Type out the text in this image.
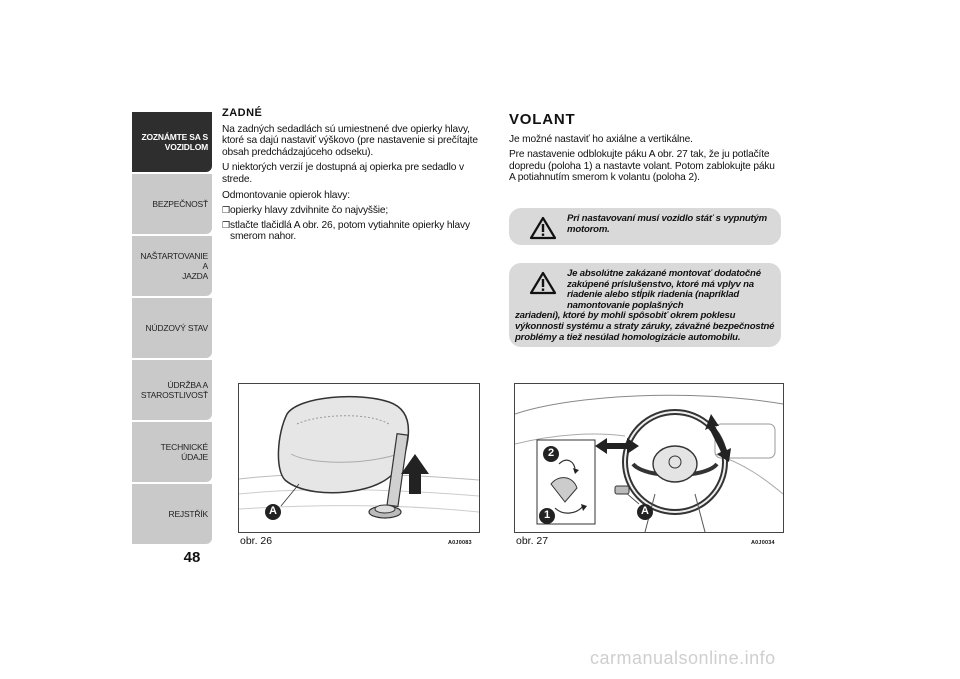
ZOZNÁMTE SA S
VOZIDLOM
BEZPEČNOSŤ
NAŠTARTOVANIE A
JAZDA
NÚDZOVÝ STAV
ÚDRŽBA A
STAROSTLIVOSŤ
TECHNICKÉ ÚDAJE
REJSTŘÍK
48
ZADNÉ

Na zadných sedadlách sú umiestnené dve opierky hlavy, ktoré sa dajú nastaviť výškovo (pre nastavenie si prečítajte obsah predchádzajúceho odseku).

U niektorých verzií je dostupná aj opierka pre sedadlo v strede.

Odmontovanie opierok hlavy:

❒ opierky hlavy zdvihnite čo najvyššie;
❒ stlačte tlačidlá A obr. 26, potom vytiahnite opierky hlavy smerom nahor.
VOLANT

Je možné nastaviť ho axiálne a vertikálne.

Pre nastavenie odblokujte páku A obr. 27 tak, že ju potlačíte dopredu (poloha 1) a nastavte volant. Potom zablokujte páku A potiahnutím smerom k volantu (poloha 2).

Pri nastavovaní musí vozidlo stáť s vypnutým motorom.
Je absolútne zakázané montovať dodatočné zakúpené príslušenstvo, ktoré má vplyv na riadenie alebo stĺpik riadenia (napríklad namontovanie poplašných
zariadení), ktoré by mohli spôsobiť okrem poklesu výkonnosti systému a straty záruky, závažné bezpečnostné problémy a tiež nesúlad homologizácie automobilu.
A
obr. 26	A0J0083
2
1	A
obr. 27	A0J0034
carmanualsonline.info
